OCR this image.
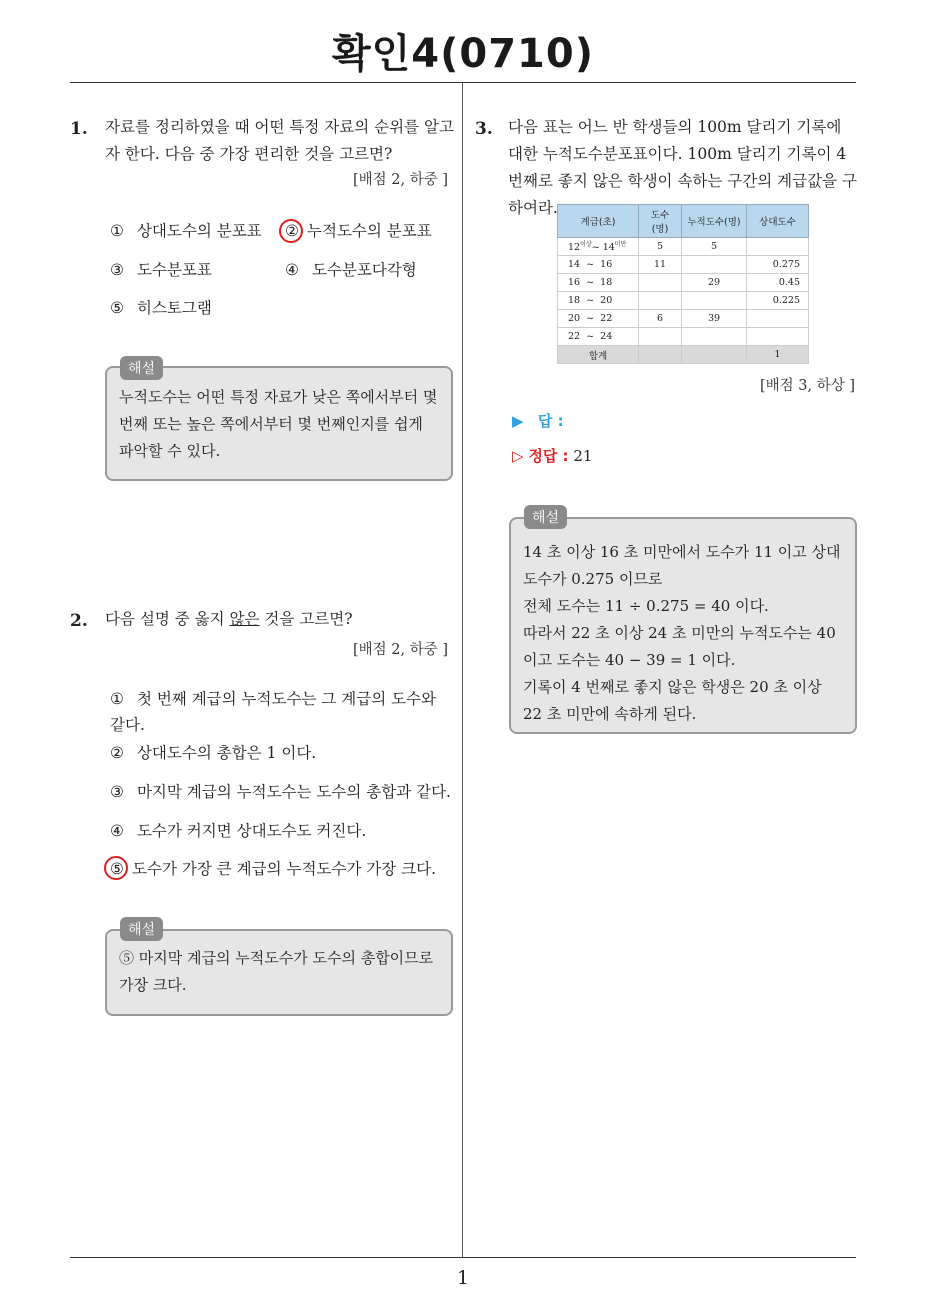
확인4(0710)
1. 자료를 정리하였을 때 어떤 특정 자료의 순위를 알고자 한다. 다음 중 가장 편리한 것을 고르면?
[배점 2, 하중 ]
① 상대도수의 분포표 ② 누적도수의 분포표
③ 도수분포표	④ 도수분포다각형
⑤ 히스토그램
누적도수는 어떤 특정 자료가 낮은 쪽에서부터 몇 번째 또는 높은 쪽에서부터 몇 번째인지를 쉽게 파악할 수 있다.
해설
2. 다음 설명 중 옳지 않은 것을 고르면?
[배점 2, 하중 ]
① 첫 번째 계급의 누적도수는 그 계급의 도수와 같다.
② 상대도수의 총합은 1 이다.
③ 마지막 계급의 누적도수는 도수의 총합과 같다.
④ 도수가 커지면 상대도수도 커진다.
⑤ 도수가 가장 큰 계급의 누적도수가 가장 크다.
⑤ 마지막 계급의 누적도수가 도수의 총합이므로 가장 크다.
해설
3. 다음 표는 어느 반 학생들의 100m 달리기 기록에 대한 누적도수분포표이다. 100m 달리기 기록이 4 번째로 좋지 않은 학생이 속하는 구간의 계급값을 구하여라.
계급(초)	도수(명)	누적도수(명)	상대도수
$12^{이상}\sim$ $14^{미만}$	5	5	
14 ~ 16	11		0.275
16 ~ 18		29	0.45
18 ~ 20			0.225
20 ~ 22	6	39	
22 ~ 24			
합계			1
[배점 3, 하상 ]
▶ 답 :
▷ 정답 : 21
14 초 이상 16 초 미만에서 도수가 11 이고 상대 도수가 0.275 이므로
전체 도수는 11 ÷ 0.275 = 40 이다.
따라서 22 초 이상 24 초 미만의 누적도수는 40 이고 도수는 40 − 39 = 1 이다.
기록이 4 번째로 좋지 않은 학생은 20 초 이상 22 초 미만에 속하게 된다.
해설
1
